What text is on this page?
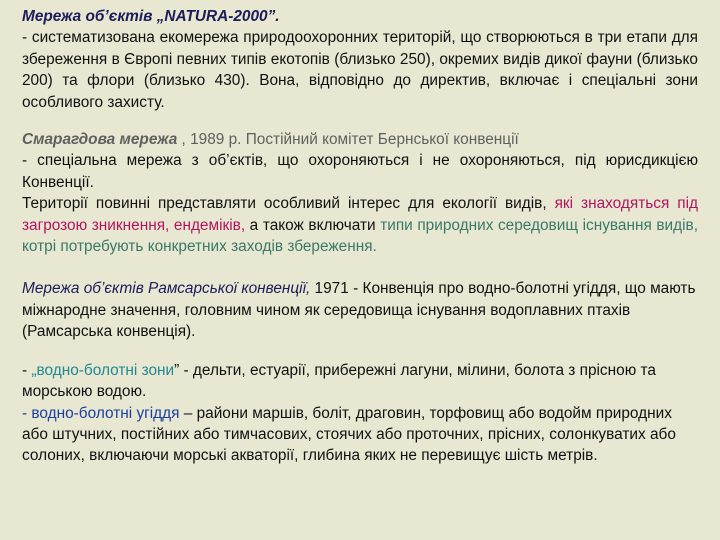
Мережа об’єктів „NATURA-2000”.

- систематизована екомережа природоохоронних територій, що створюються в три етапи для збереження в Європі певних типів екотопів (близько 250), окремих видів дикої фауни (близько 200) та флори (близько 430). Вона, відповідно до директив, включає і спеціальні зони особливого захисту.

Смарагдова мережа , 1989 р. Постійний комітет Бернської конвенції

- спеціальна мережа з об’єктів, що охороняються і не охороняються, під юрисдикцією Конвенції.

Території повинні представляти особливий інтерес для екології видів, які знаходяться під загрозою зникнення, ендеміків, а також включати типи природних середовищ існування видів, котрі потребують конкретних заходів збереження.

Мережа об’єктів Рамсарської конвенції, 1971 - Конвенція про водно-болотні угіддя, що мають міжнародне значення, головним чином як середовища існування водоплавних птахів (Рамсарська конвенція).

- „водно-болотні зони” - дельти, естуарії, прибережні лагуни, мілини, болота з прісною та морською водою.

- водно-болотні угіддя – райони маршів, боліт, драговин, торфовищ або водойм природних або штучних, постійних або тимчасових, стоячих або проточних, прісних, солонкуватих або солоних, включаючи морські акваторії, глибина яких не перевищує шість метрів.
